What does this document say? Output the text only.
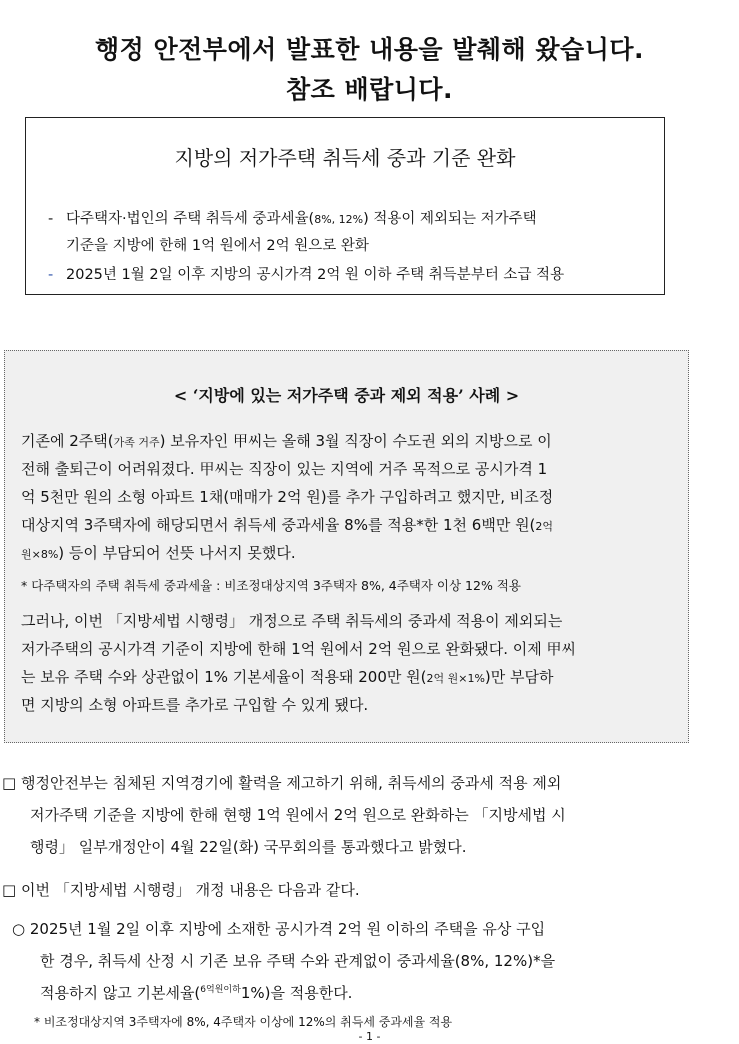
행정 안전부에서 발표한 내용을 발췌해 왔습니다.
참조 배랍니다.
지방의 저가주택 취득세 중과 기준 완화
- 다주택자·법인의 주택 취득세 중과세율(8%, 12%) 적용이 제외되는 저가주택
기준을 지방에 한해 1억 원에서 2억 원으로 완화
- 2025년 1월 2일 이후 지방의 공시가격 2억 원 이하 주택 취득분부터 소급 적용
< ‘지방에 있는 저가주택 중과 제외 적용’ 사례 >
기존에 2주택(가족 거주) 보유자인 甲씨는 올해 3월 직장이 수도권 외의 지방으로 이
전해 출퇴근이 어려워졌다. 甲씨는 직장이 있는 지역에 거주 목적으로 공시가격 1
억 5천만 원의 소형 아파트 1채(매매가 2억 원)를 추가 구입하려고 했지만, 비조정
대상지역 3주택자에 해당되면서 취득세 중과세율 8%를 적용*한 1천 6백만 원(2억
원×8%) 등이 부담되어 선뜻 나서지 못했다.
* 다주택자의 주택 취득세 중과세율 : 비조정대상지역 3주택자 8%, 4주택자 이상 12% 적용
그러나, 이번 「지방세법 시행령」 개정으로 주택 취득세의 중과세 적용이 제외되는
저가주택의 공시가격 기준이 지방에 한해 1억 원에서 2억 원으로 완화됐다. 이제 甲씨
는 보유 주택 수와 상관없이 1% 기본세율이 적용돼 200만 원(2억 원×1%)만 부담하
면 지방의 소형 아파트를 추가로 구입할 수 있게 됐다.
□ 행정안전부는 침체된 지역경기에 활력을 제고하기 위해, 취득세의 중과세 적용 제외
저가주택 기준을 지방에 한해 현행 1억 원에서 2억 원으로 완화하는 「지방세법 시
행령」 일부개정안이 4월 22일(화) 국무회의를 통과했다고 밝혔다.
□ 이번 「지방세법 시행령」 개정 내용은 다음과 같다.
○ 2025년 1월 2일 이후 지방에 소재한 공시가격 2억 원 이하의 주택을 유상 구입
한 경우, 취득세 산정 시 기존 보유 주택 수와 관계없이 중과세율(8%, 12%)*을
적용하지 않고 기본세율($^{6억원이하}$1%)을 적용한다.
* 비조정대상지역 3주택자에 8%, 4주택자 이상에 12%의 취득세 중과세율 적용
- 1 -
